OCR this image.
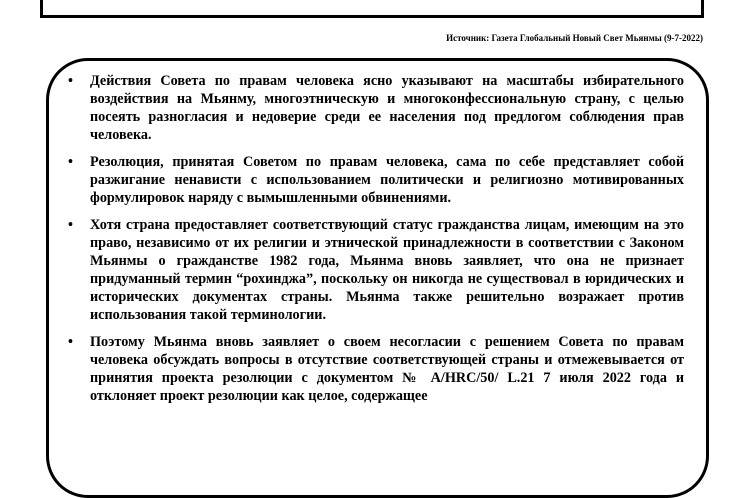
Источник: Газета Глобальный Новый Свет Мьянмы (9-7-2022)
• Действия Совета по правам человека ясно указывают на масштабы избирательного воздействия на Мьянму, многоэтническую и многоконфессиональную страну, с целью посеять разногласия и недоверие среди ее населения под предлогом соблюдения прав человека.
• Резолюция, принятая Советом по правам человека, сама по себе представляет собой разжигание ненависти с использованием политически и религиозно мотивированных формулировок наряду с вымышленными обвинениями.
• Хотя страна предоставляет соответствующий статус гражданства лицам, имеющим на это право, независимо от их религии и этнической принадлежности в соответствии с Законом Мьянмы о гражданстве 1982 года, Мьянма вновь заявляет, что она не признает придуманный термин “рохинджа”, поскольку он никогда не существовал в юридических и исторических документах страны. Мьянма также решительно возражает против использования такой терминологии.
• Поэтому Мьянма вновь заявляет о своем несогласии с решением Совета по правам человека обсуждать вопросы в отсутствие соответствующей страны и отмежевывается от принятия проекта резолюции с документом № A/HRC/50/ L.21 7 июля 2022 года и отклоняет проект резолюции как целое, содержащее
